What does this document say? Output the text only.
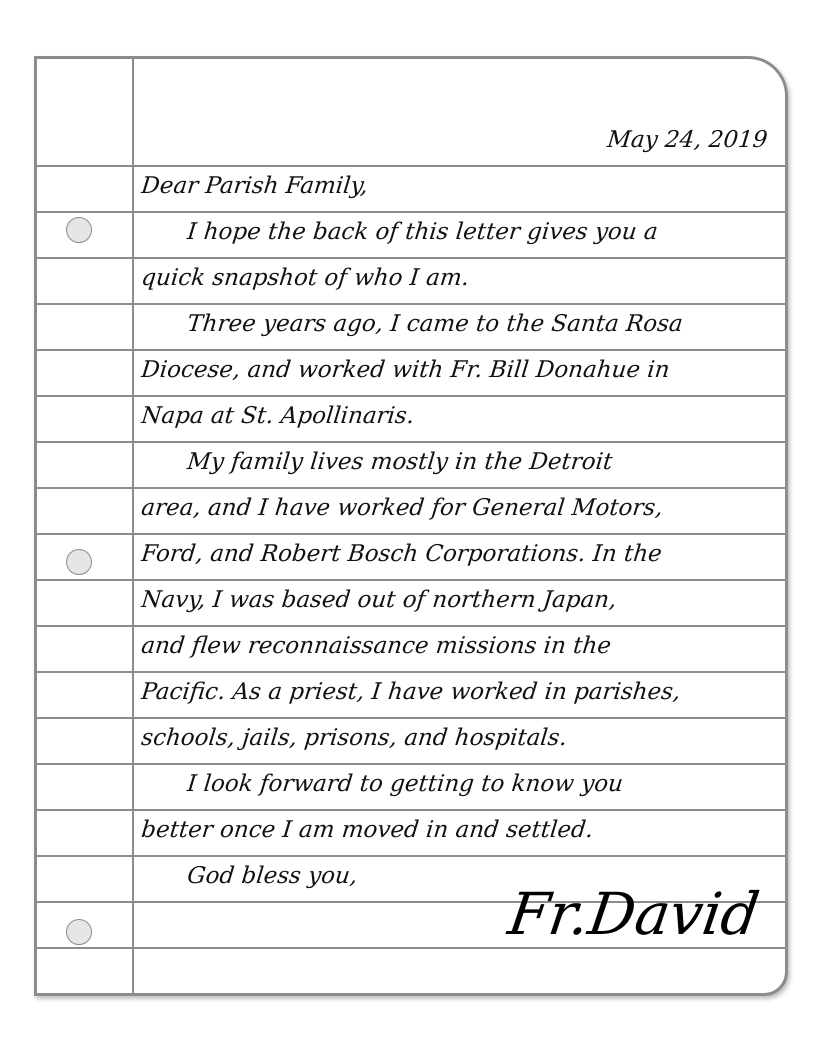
May 24, 2019
Dear Parish Family,
I hope the back of this letter gives you a
quick snapshot of who I am.
Three years ago, I came to the Santa Rosa
Diocese, and worked with Fr. Bill Donahue in
Napa at St. Apollinaris.
My family lives mostly in the Detroit
area, and I have worked for General Motors,
Ford, and Robert Bosch Corporations. In the
Navy, I was based out of northern Japan,
and flew reconnaissance missions in the
Pacific. As a priest, I have worked in parishes,
schools, jails, prisons, and hospitals.
I look forward to getting to know you
better once I am moved in and settled.
God bless you,
Fr.David
